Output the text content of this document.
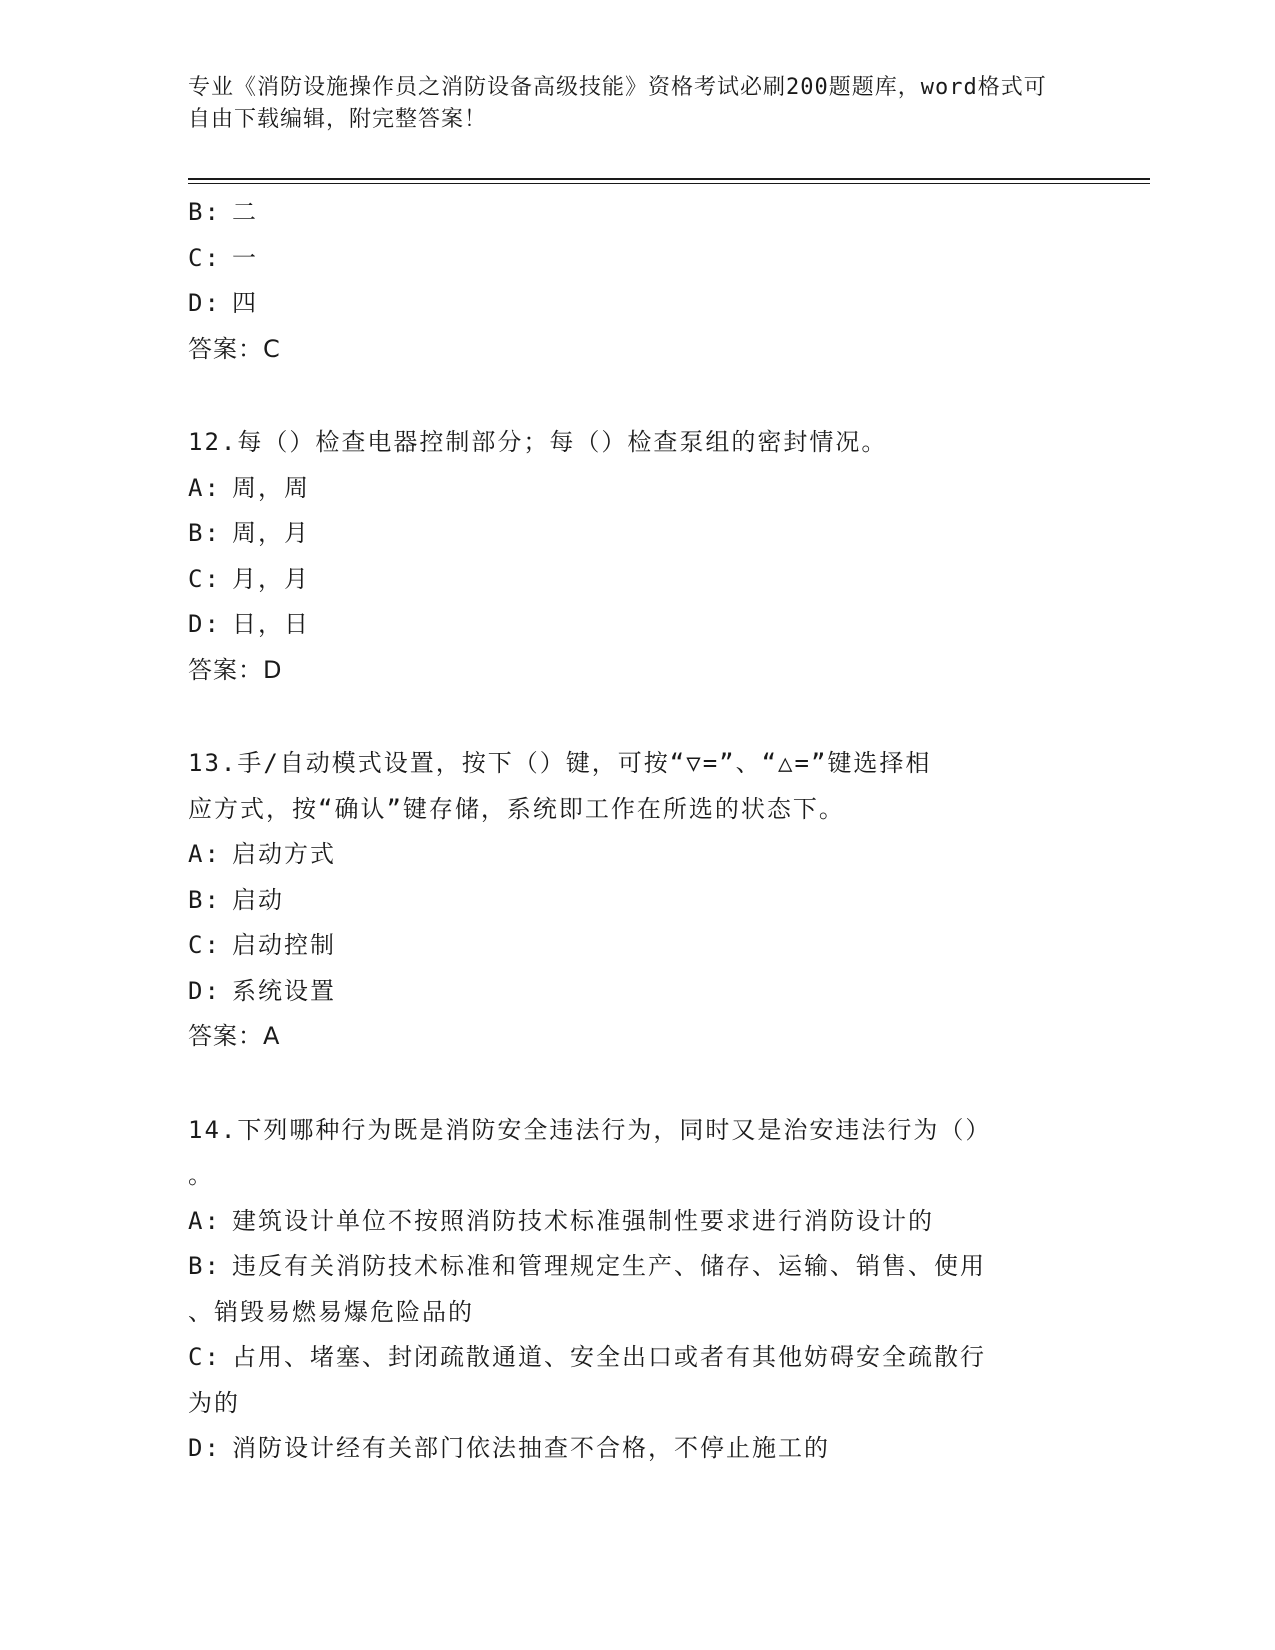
专业《消防设施操作员之消防设备高级技能》资格考试必刷200题题库，word格式可自由下载编辑，附完整答案！
B: 二
C: 一
D: 四
答案：C
12.每（）检查电器控制部分；每（）检查泵组的密封情况。
A: 周，周
B: 周，月
C: 月，月
D: 日，日
答案：D
13.手/自动模式设置，按下（）键，可按“▽=”、“△=”键选择相
应方式，按“确认”键存储，系统即工作在所选的状态下。
A: 启动方式
B: 启动
C: 启动控制
D: 系统设置
答案：A
14.下列哪种行为既是消防安全违法行为，同时又是治安违法行为（）
。
A: 建筑设计单位不按照消防技术标准强制性要求进行消防设计的
B: 违反有关消防技术标准和管理规定生产、储存、运输、销售、使用
、销毁易燃易爆危险品的
C: 占用、堵塞、封闭疏散通道、安全出口或者有其他妨碍安全疏散行
为的
D: 消防设计经有关部门依法抽查不合格，不停止施工的
